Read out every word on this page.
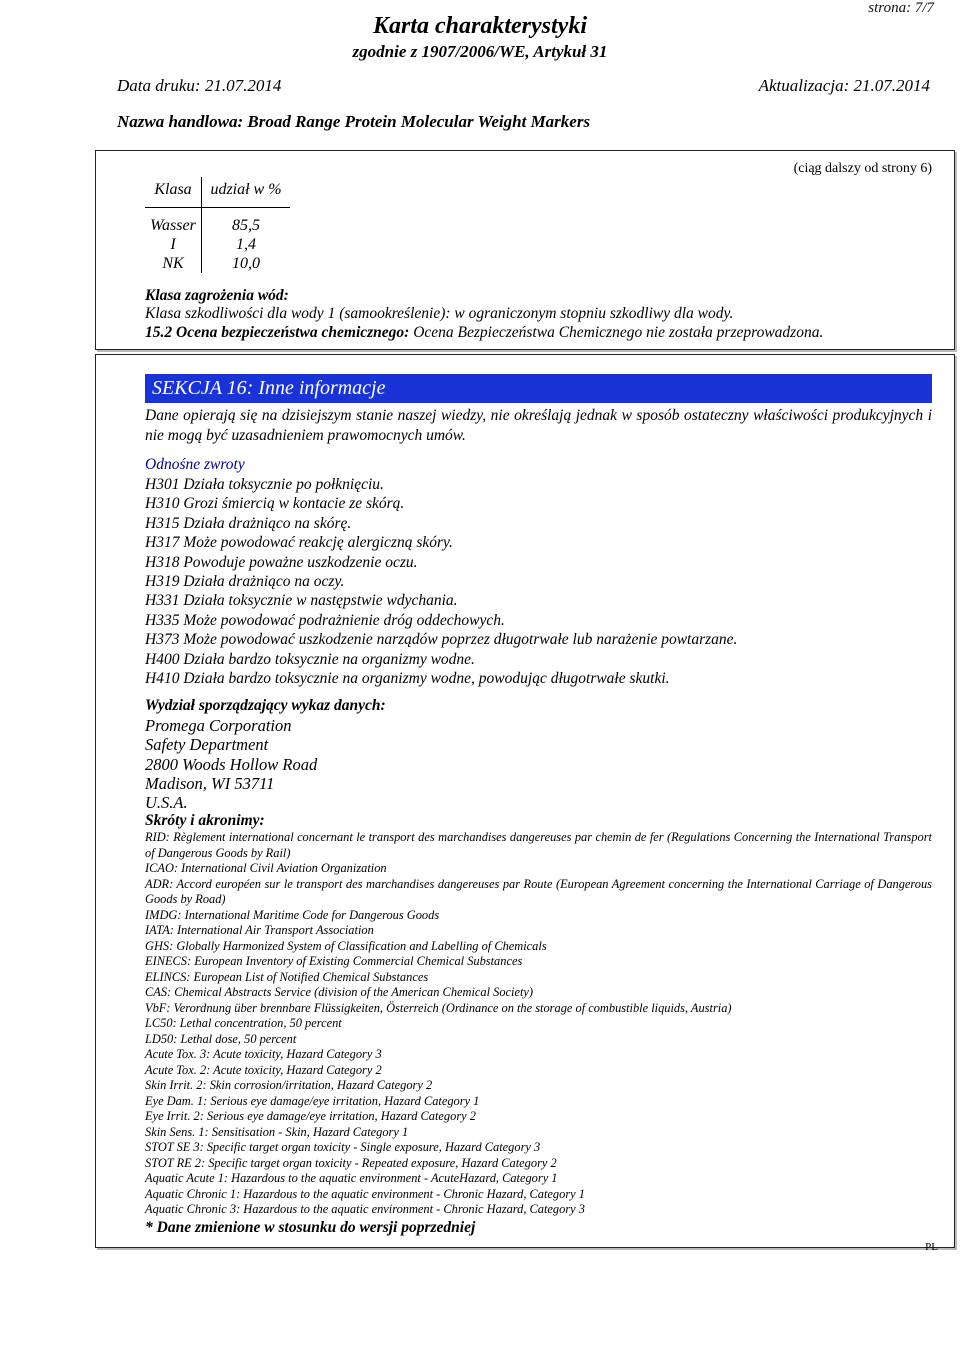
strona: 7/7
Karta charakterystyki
zgodnie z 1907/2006/WE, Artykuł 31
Data druku: 21.07.2014	Aktualizacja: 21.07.2014
Nazwa handlowa: Broad Range Protein Molecular Weight Markers
(ciąg dalszy od strony 6)
Klasa	udział w %
Wasser	85,5
I	1,4
NK	10,0
Klasa zagrożenia wód:
Klasa szkodliwości dla wody 1 (samookreślenie): w ograniczonym stopniu szkodliwy dla wody.
15.2 Ocena bezpieczeństwa chemicznego: Ocena Bezpieczeństwa Chemicznego nie została przeprowadzona.
SEKCJA 16: Inne informacje
Dane opierają się na dzisiejszym stanie naszej wiedzy, nie określają jednak w sposób ostateczny właściwości produkcyjnych i nie mogą być uzasadnieniem prawomocnych umów.
Odnośne zwroty
H301 Działa toksycznie po połknięciu.
H310 Grozi śmiercią w kontacie ze skórą.
H315 Działa drażniąco na skórę.
H317 Może powodować reakcję alergiczną skóry.
H318 Powoduje poważne uszkodzenie oczu.
H319 Działa drażniąco na oczy.
H331 Działa toksycznie w następstwie wdychania.
H335 Może powodować podrażnienie dróg oddechowych.
H373 Może powodować uszkodzenie narządów poprzez długotrwałe lub narażenie powtarzane.
H400 Działa bardzo toksycznie na organizmy wodne.
H410 Działa bardzo toksycznie na organizmy wodne, powodując długotrwałe skutki.
Wydział sporządzający wykaz danych:
Promega Corporation
Safety Department
2800 Woods Hollow Road
Madison, WI 53711
U.S.A.
Skróty i akronimy:
RID: Règlement international concernant le transport des marchandises dangereuses par chemin de fer (Regulations Concerning the International Transport of Dangerous Goods by Rail)
ICAO: International Civil Aviation Organization
ADR: Accord européen sur le transport des marchandises dangereuses par Route (European Agreement concerning the International Carriage of Dangerous Goods by Road)
IMDG: International Maritime Code for Dangerous Goods
IATA: International Air Transport Association
GHS: Globally Harmonized System of Classification and Labelling of Chemicals
EINECS: European Inventory of Existing Commercial Chemical Substances
ELINCS: European List of Notified Chemical Substances
CAS: Chemical Abstracts Service (division of the American Chemical Society)
VbF: Verordnung über brennbare Flüssigkeiten, Österreich (Ordinance on the storage of combustible liquids, Austria)
LC50: Lethal concentration, 50 percent
LD50: Lethal dose, 50 percent
Acute Tox. 3: Acute toxicity, Hazard Category 3
Acute Tox. 2: Acute toxicity, Hazard Category 2
Skin Irrit. 2: Skin corrosion/irritation, Hazard Category 2
Eye Dam. 1: Serious eye damage/eye irritation, Hazard Category 1
Eye Irrit. 2: Serious eye damage/eye irritation, Hazard Category 2
Skin Sens. 1: Sensitisation - Skin, Hazard Category 1
STOT SE 3: Specific target organ toxicity - Single exposure, Hazard Category 3
STOT RE 2: Specific target organ toxicity - Repeated exposure, Hazard Category 2
Aquatic Acute 1: Hazardous to the aquatic environment - AcuteHazard, Category 1
Aquatic Chronic 1: Hazardous to the aquatic environment - Chronic Hazard, Category 1
Aquatic Chronic 3: Hazardous to the aquatic environment - Chronic Hazard, Category 3
* Dane zmienione w stosunku do wersji poprzedniej
PL
